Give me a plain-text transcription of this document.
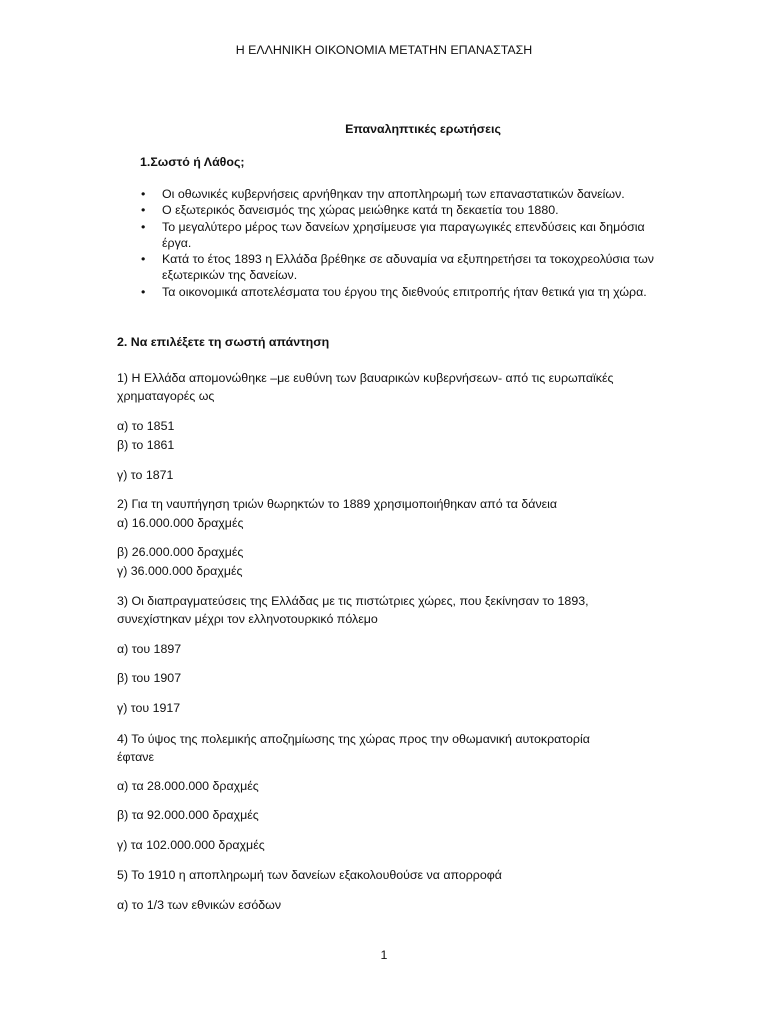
Η ΕΛΛΗΝΙΚΗ ΟΙΚΟΝΟΜΙΑ ΜΕΤΑΤΗΝ ΕΠΑΝΑΣΤΑΣΗ
Επαναληπτικές ερωτήσεις
1.Σωστό ή Λάθος;
• Οι οθωνικές κυβερνήσεις αρνήθηκαν την αποπληρωμή των επαναστατικών δανείων.
• Ο εξωτερικός δανεισμός της χώρας μειώθηκε κατά τη δεκαετία του 1880.
• Το μεγαλύτερο μέρος των δανείων χρησίμευσε για παραγωγικές επενδύσεις και δημόσια έργα.
• Κατά το έτος 1893 η Ελλάδα βρέθηκε σε αδυναμία να εξυπηρετήσει τα τοκοχρεολύσια των εξωτερικών της δανείων.
• Τα οικονομικά αποτελέσματα του έργου της διεθνούς επιτροπής ήταν θετικά για τη χώρα.
2. Να επιλέξετε τη σωστή απάντηση
1) Η Ελλάδα απομονώθηκε –με ευθύνη των βαυαρικών κυβερνήσεων- από τις ευρωπαϊκές
χρηματαγορές ως
α) το 1851
β) το 1861
γ) το 1871
2) Για τη ναυπήγηση τριών θωρηκτών το 1889 χρησιμοποιήθηκαν από τα δάνεια
α) 16.000.000 δραχμές
β) 26.000.000 δραχμές
γ) 36.000.000 δραχμές
3) Οι διαπραγματεύσεις της Ελλάδας με τις πιστώτριες χώρες, που ξεκίνησαν το 1893,
συνεχίστηκαν μέχρι τον ελληνοτουρκικό πόλεμο
α) του 1897
β) του 1907
γ) του 1917
4) Το ύψος της πολεμικής αποζημίωσης της χώρας προς την οθωμανική αυτοκρατορία
έφτανε
α) τα 28.000.000 δραχμές
β) τα 92.000.000 δραχμές
γ) τα 102.000.000 δραχμές
5) Το 1910 η αποπληρωμή των δανείων εξακολουθούσε να απορροφά
α) το 1/3 των εθνικών εσόδων
1
